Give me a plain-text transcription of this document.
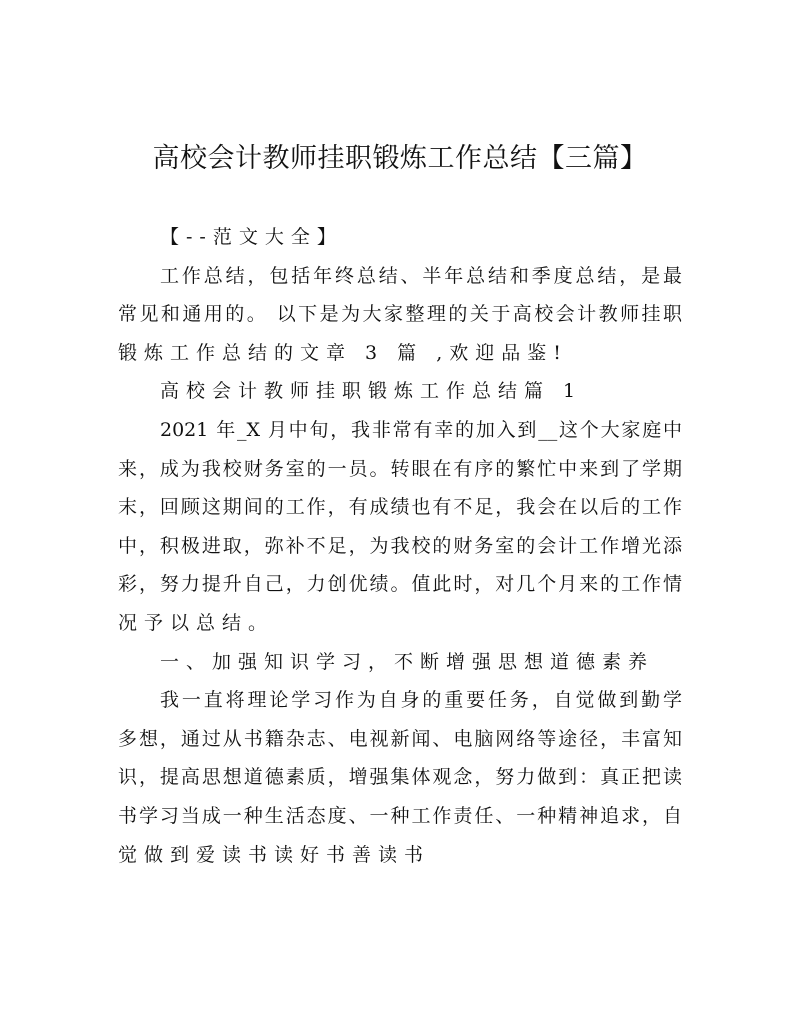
高校会计教师挂职锻炼工作总结【三篇】
【--范文大全】
工作总结，包括年终总结、半年总结和季度总结，是最
常见和通用的。 以下是为大家整理的关于高校会计教师挂职
锻炼工作总结的文章 3 篇 ,欢迎品鉴!
高校会计教师挂职锻炼工作总结篇 1
2021 年_X 月中旬，我非常有幸的加入到__这个大家庭中
来，成为我校财务室的一员。转眼在有序的繁忙中来到了学期
末，回顾这期间的工作，有成绩也有不足，我会在以后的工作
中，积极进取，弥补不足，为我校的财务室的会计工作增光添
彩，努力提升自己，力创优绩。值此时，对几个月来的工作情
况予以总结。
一、加强知识学习，不断增强思想道德素养
我一直将理论学习作为自身的重要任务，自觉做到勤学
多想，通过从书籍杂志、电视新闻、电脑网络等途径，丰富知
识，提高思想道德素质，增强集体观念，努力做到：真正把读
书学习当成一种生活态度、一种工作责任、一种精神追求，自
觉做到爱读书读好书善读书
